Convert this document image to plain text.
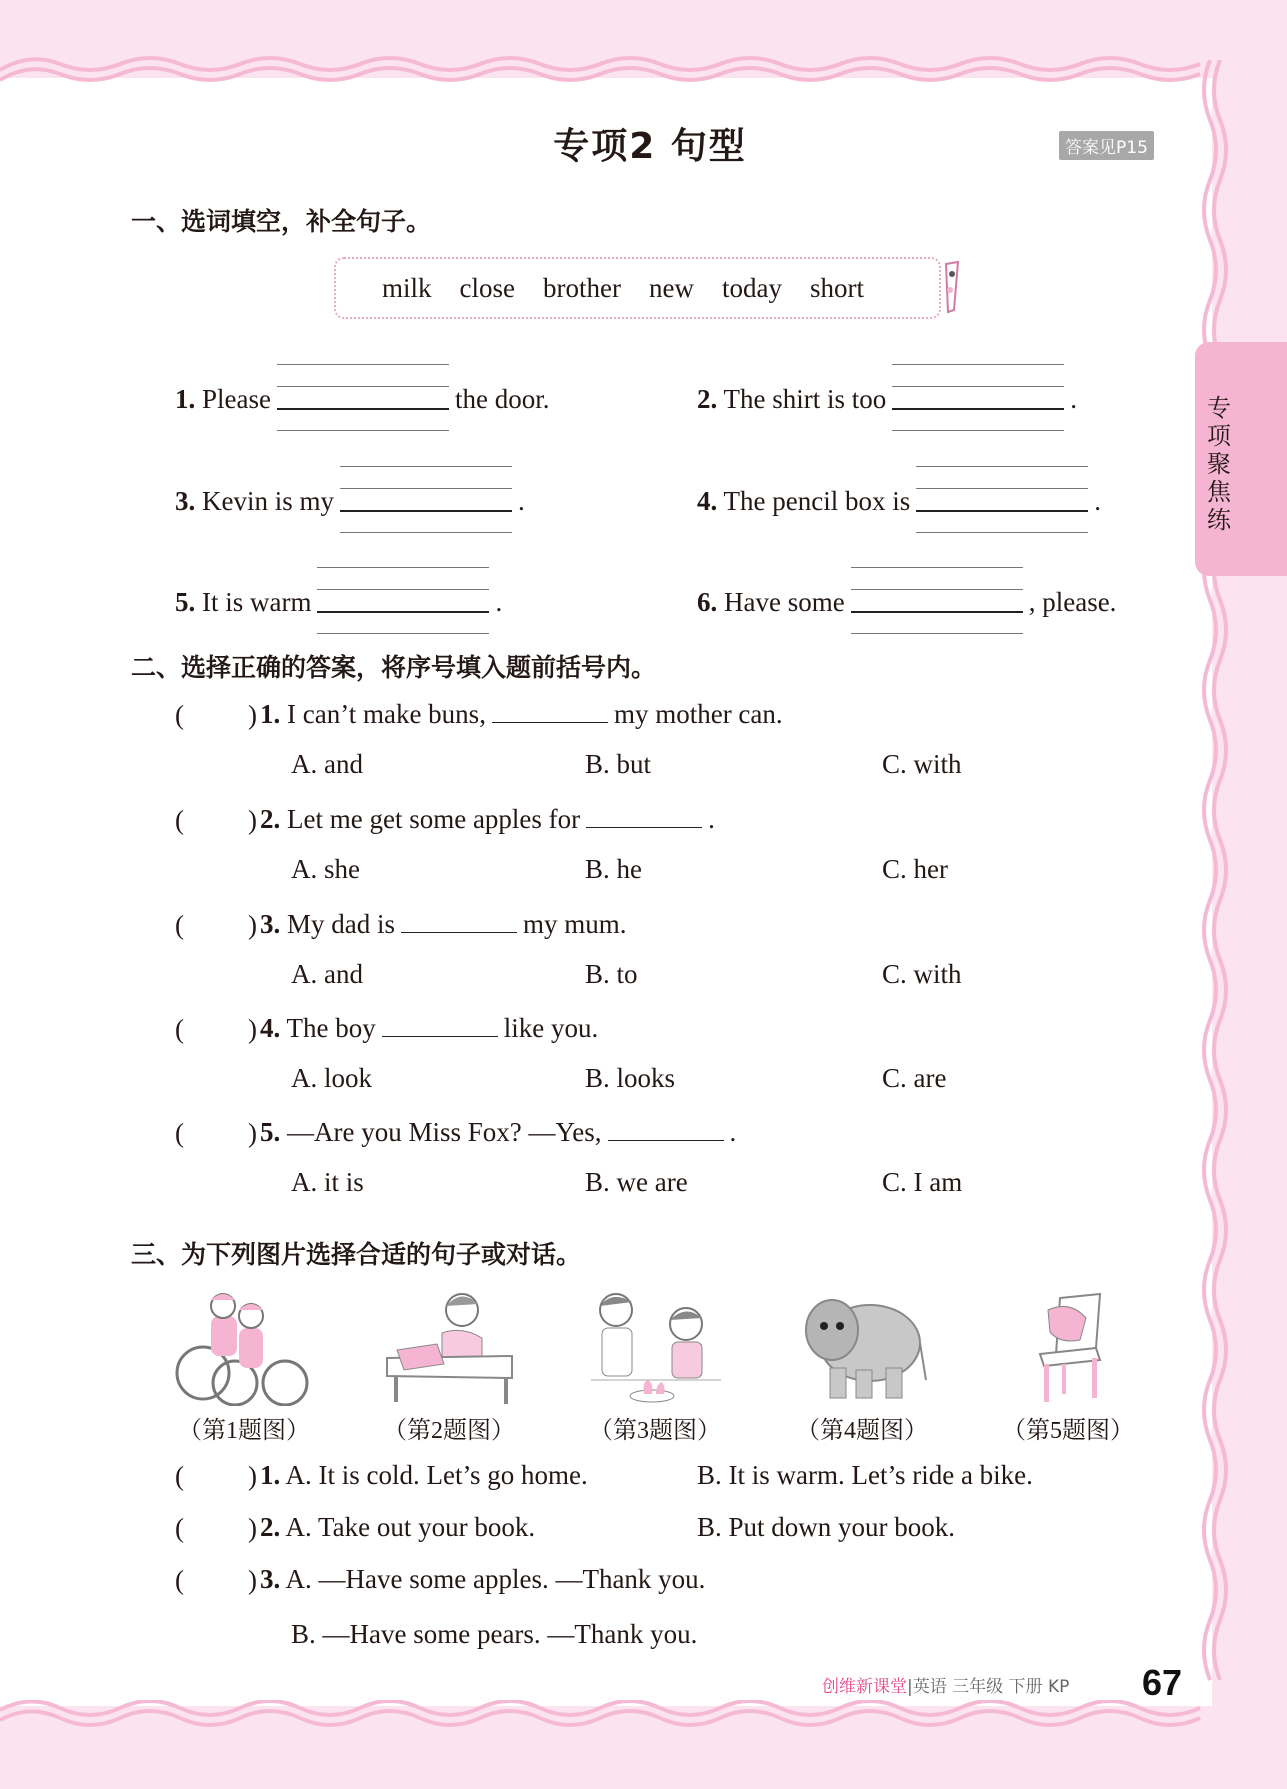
专项2 句型	答案见P15
专项聚焦练
一、选词填空，补全句子。
milk close brother new today short
1. Please	the door.	2. The shirt is too	.
3. Kevin is my	.	4. The pencil box is	.
5. It is warm	.	6. Have some	, please.
二、选择正确的答案，将序号填入题前括号内。
( ) 1. I can’t make buns,	my mother can.
A. and	B. but	C. with
( ) 2. Let me get some apples for	.
A. she	B. he	C. her
( ) 3. My dad is	my mum.
A. and	B. to	C. with
( ) 4. The boy	like you.
A. look	B. looks	C. are
( ) 5. —Are you Miss Fox? —Yes,	.
A. it is	B. we are	C. I am
三、为下列图片选择合适的句子或对话。
（第1题图）	（第2题图）	（第3题图）	（第4题图）	（第5题图）
( ) 1. A. It is cold. Let’s go home.	B. It is warm. Let’s ride a bike.
( ) 2. A. Take out your book.	B. Put down your book.
( ) 3. A. —Have some apples. —Thank you.
B. —Have some pears. —Thank you.
创维新课堂|英语 三年级 下册 KP 67
